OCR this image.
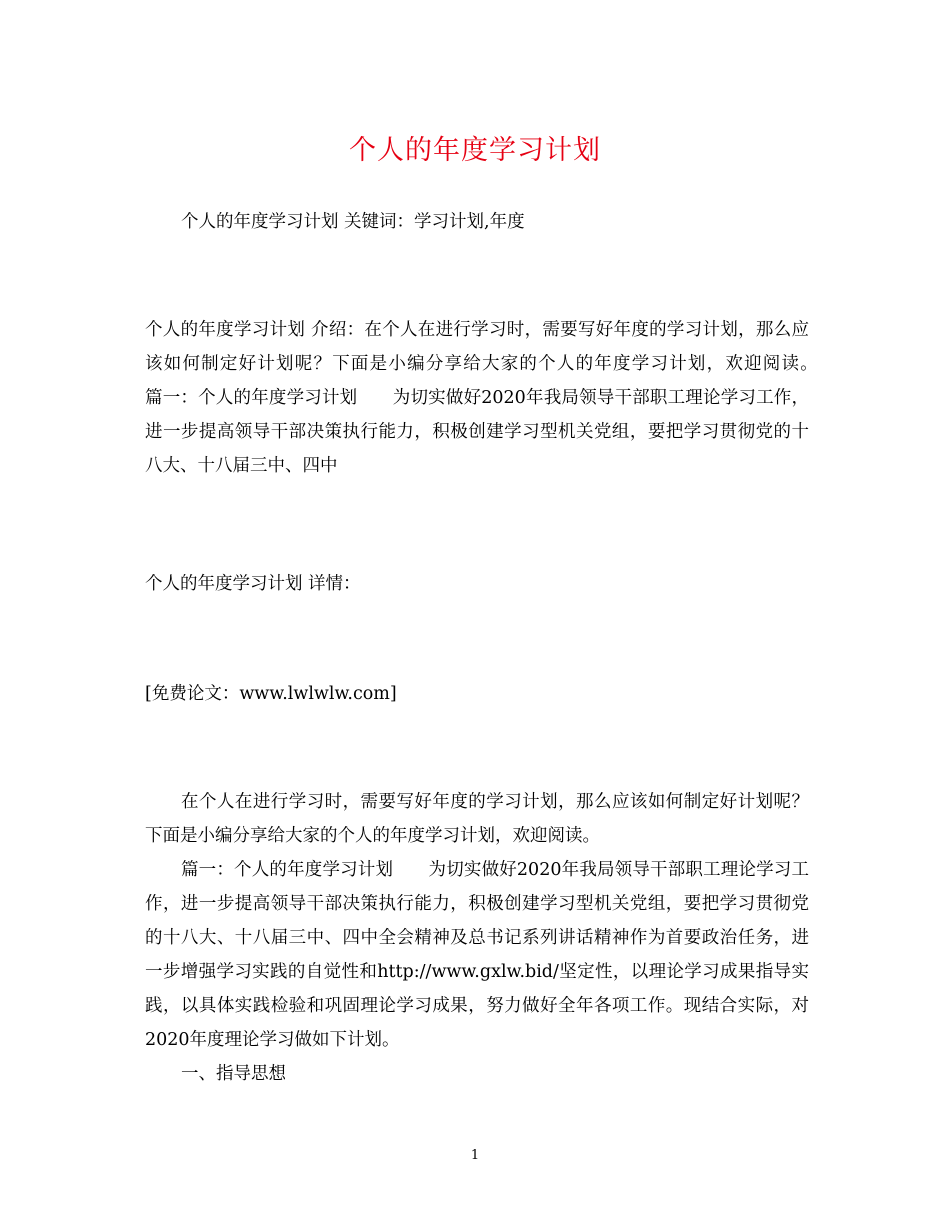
个人的年度学习计划

个人的年度学习计划 关键词：学习计划,年度

个人的年度学习计划 介绍：在个人在进行学习时，需要写好年度的学习计划，那么应该如何制定好计划呢？下面是小编分享给大家的个人的年度学习计划，欢迎阅读。　　篇一：个人的年度学习计划　　为切实做好2020年我局领导干部职工理论学习工作，进一步提高领导干部决策执行能力，积极创建学习型机关党组，要把学习贯彻党的十八大、十八届三中、四中

个人的年度学习计划 详情：

[免费论文：www.lwlwlw.com]

在个人在进行学习时，需要写好年度的学习计划，那么应该如何制定好计划呢？下面是小编分享给大家的个人的年度学习计划，欢迎阅读。

篇一：个人的年度学习计划　　为切实做好2020年我局领导干部职工理论学习工作，进一步提高领导干部决策执行能力，积极创建学习型机关党组，要把学习贯彻党的十八大、十八届三中、四中全会精神及总书记系列讲话精神作为首要政治任务，进一步增强学习实践的自觉性和http://www.gxlw.bid/坚定性，以理论学习成果指导实践，以具体实践检验和巩固理论学习成果，努力做好全年各项工作。现结合实际，对2020年度理论学习做如下计划。

一、指导思想

1
